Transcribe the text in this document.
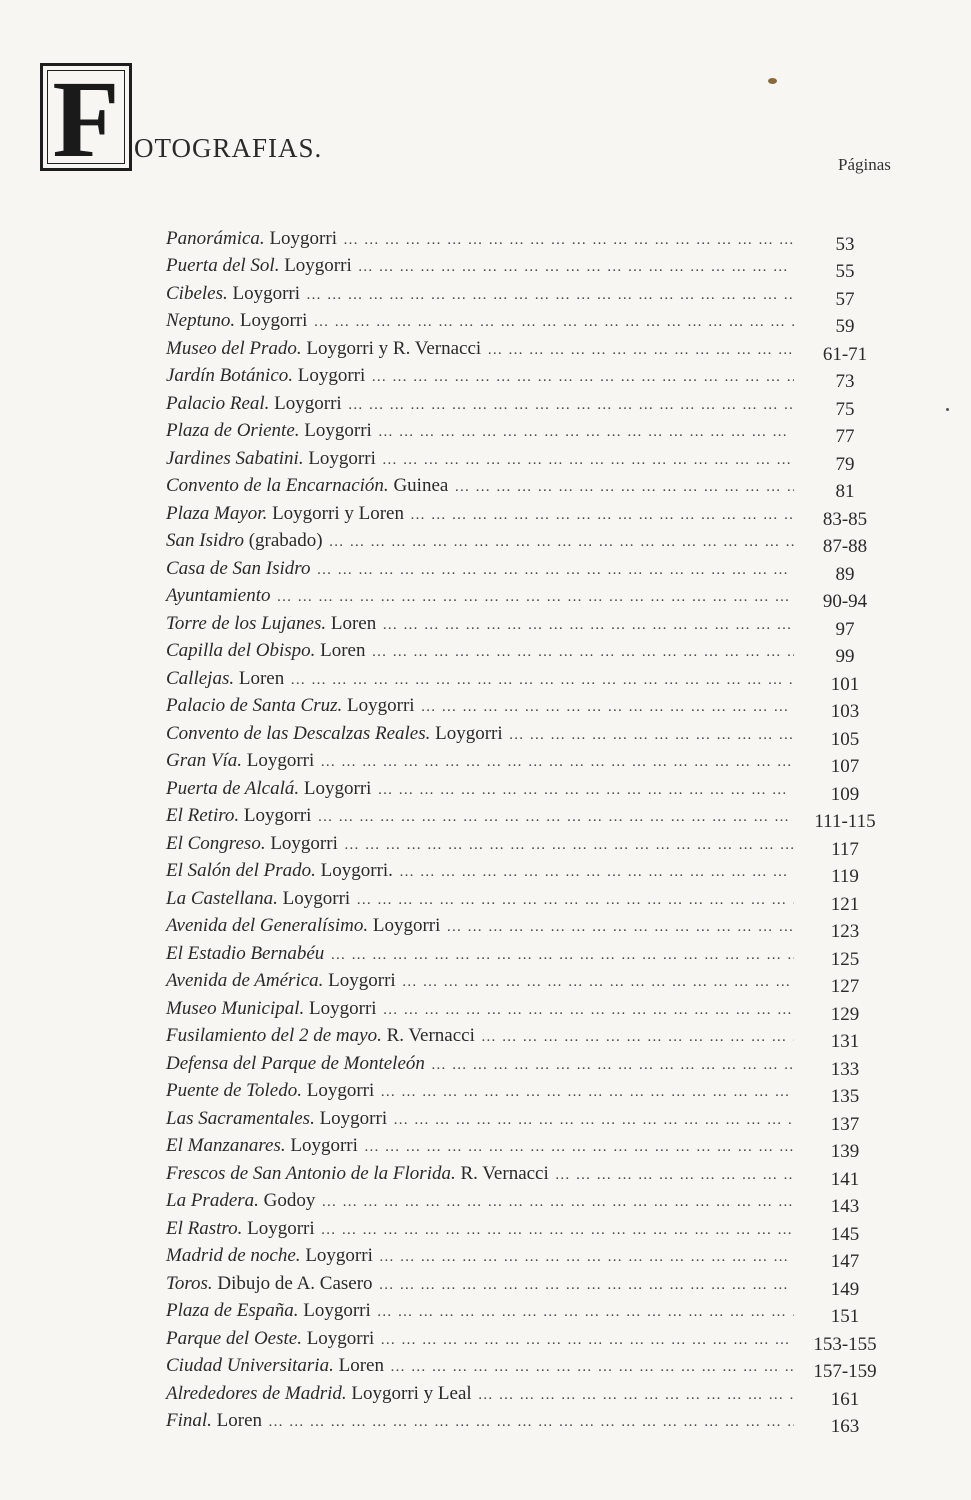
F OTOGRAFIAS.
Páginas
Panorámica. Loygorri … … … … … … … … … … … … … … … … … … … … … … … … … … … … … … … … … … … … …	53
Puerta del Sol. Loygorri … … … … … … … … … … … … … … … … … … … … … … … … … … … … … … … … … … … … …	55
Cibeles. Loygorri … … … … … … … … … … … … … … … … … … … … … … … … … … … … … … … … … … … … …	57
Neptuno. Loygorri … … … … … … … … … … … … … … … … … … … … … … … … … … … … … … … … … … … … …	59
Museo del Prado. Loygorri y R. Vernacci … … … … … … … … … … … … … … … … … … … … … … … … … … … … … … … … … … … … …	61-71
Jardín Botánico. Loygorri … … … … … … … … … … … … … … … … … … … … … … … … … … … … … … … … … … … … …	73
Palacio Real. Loygorri … … … … … … … … … … … … … … … … … … … … … … … … … … … … … … … … … … … … …	75
Plaza de Oriente. Loygorri … … … … … … … … … … … … … … … … … … … … … … … … … … … … … … … … … … … … …	77
Jardines Sabatini. Loygorri … … … … … … … … … … … … … … … … … … … … … … … … … … … … … … … … … … … … …	79
Convento de la Encarnación. Guinea … … … … … … … … … … … … … … … … … … … … … … … … … … … … … … … … … … … … …	81
Plaza Mayor. Loygorri y Loren … … … … … … … … … … … … … … … … … … … … … … … … … … … … … … … … … … … … …	83-85
San Isidro (grabado) … … … … … … … … … … … … … … … … … … … … … … … … … … … … … … … … … … … … …	87-88
Casa de San Isidro … … … … … … … … … … … … … … … … … … … … … … … … … … … … … … … … … … … … …	89
Ayuntamiento … … … … … … … … … … … … … … … … … … … … … … … … … … … … … … … … … … … … …	90-94
Torre de los Lujanes. Loren … … … … … … … … … … … … … … … … … … … … … … … … … … … … … … … … … … … … …	97
Capilla del Obispo. Loren … … … … … … … … … … … … … … … … … … … … … … … … … … … … … … … … … … … … …	99
Callejas. Loren … … … … … … … … … … … … … … … … … … … … … … … … … … … … … … … … … … … … …	101
Palacio de Santa Cruz. Loygorri … … … … … … … … … … … … … … … … … … … … … … … … … … … … … … … … … … … … …	103
Convento de las Descalzas Reales. Loygorri … … … … … … … … … … … … … … … … … … … … … … … … … … … … … … … … … … … … …	105
Gran Vía. Loygorri … … … … … … … … … … … … … … … … … … … … … … … … … … … … … … … … … … … … …	107
Puerta de Alcalá. Loygorri … … … … … … … … … … … … … … … … … … … … … … … … … … … … … … … … … … … … …	109
El Retiro. Loygorri … … … … … … … … … … … … … … … … … … … … … … … … … … … … … … … … … … … … …	111-115
El Congreso. Loygorri … … … … … … … … … … … … … … … … … … … … … … … … … … … … … … … … … … … … …	117
El Salón del Prado. Loygorri. … … … … … … … … … … … … … … … … … … … … … … … … … … … … … … … … … … … … …	119
La Castellana. Loygorri … … … … … … … … … … … … … … … … … … … … … … … … … … … … … … … … … … … … …	121
Avenida del Generalísimo. Loygorri … … … … … … … … … … … … … … … … … … … … … … … … … … … … … … … … … … … … …	123
El Estadio Bernabéu … … … … … … … … … … … … … … … … … … … … … … … … … … … … … … … … … … … … …	125
Avenida de América. Loygorri … … … … … … … … … … … … … … … … … … … … … … … … … … … … … … … … … … … … …	127
Museo Municipal. Loygorri … … … … … … … … … … … … … … … … … … … … … … … … … … … … … … … … … … … … …	129
Fusilamiento del 2 de mayo. R. Vernacci … … … … … … … … … … … … … … … … … … … … … … … … … … … … … … … … … … … … …	131
Defensa del Parque de Monteleón … … … … … … … … … … … … … … … … … … … … … … … … … … … … … … … … … … … … …	133
Puente de Toledo. Loygorri … … … … … … … … … … … … … … … … … … … … … … … … … … … … … … … … … … … … …	135
Las Sacramentales. Loygorri … … … … … … … … … … … … … … … … … … … … … … … … … … … … … … … … … … … … …	137
El Manzanares. Loygorri … … … … … … … … … … … … … … … … … … … … … … … … … … … … … … … … … … … … …	139
Frescos de San Antonio de la Florida. R. Vernacci … … … … … … … … … … … … … … … … … … … … … … … … … … … … … … … … … … … … …	141
La Pradera. Godoy … … … … … … … … … … … … … … … … … … … … … … … … … … … … … … … … … … … … …	143
El Rastro. Loygorri … … … … … … … … … … … … … … … … … … … … … … … … … … … … … … … … … … … … …	145
Madrid de noche. Loygorri … … … … … … … … … … … … … … … … … … … … … … … … … … … … … … … … … … … … …	147
Toros. Dibujo de A. Casero … … … … … … … … … … … … … … … … … … … … … … … … … … … … … … … … … … … … …	149
Plaza de España. Loygorri … … … … … … … … … … … … … … … … … … … … … … … … … … … … … … … … … … … … …	151
Parque del Oeste. Loygorri … … … … … … … … … … … … … … … … … … … … … … … … … … … … … … … … … … … … …	153-155
Ciudad Universitaria. Loren … … … … … … … … … … … … … … … … … … … … … … … … … … … … … … … … … … … … …	157-159
Alrededores de Madrid. Loygorri y Leal … … … … … … … … … … … … … … … … … … … … … … … … … … … … … … … … … … … … …	161
Final. Loren … … … … … … … … … … … … … … … … … … … … … … … … … … … … … … … … … … … … …	163
